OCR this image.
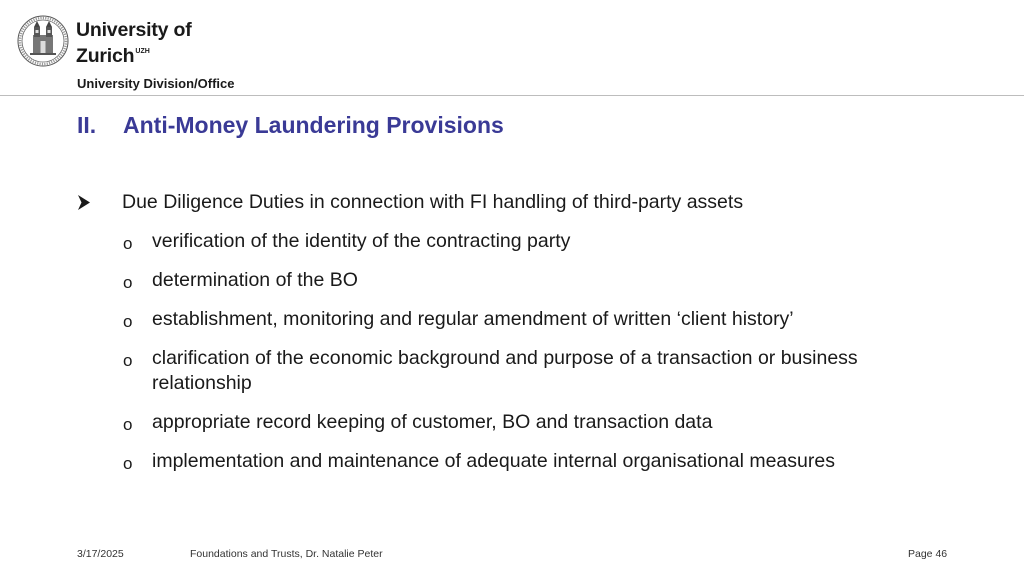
University of
Zurich$^{UZH}$
University Division/Office
II. Anti-Money Laundering Provisions
Due Diligence Duties in connection with FI handling of third-party assets
o verification of the identity of the contracting party
o determination of the BO
o establishment, monitoring and regular amendment of written ‘client history’
o clarification of the economic background and purpose of a transaction or business relationship
o appropriate record keeping of customer, BO and transaction data
o implementation and maintenance of adequate internal organisational measures
3/17/2025	Foundations and Trusts, Dr. Natalie Peter	Page 46
